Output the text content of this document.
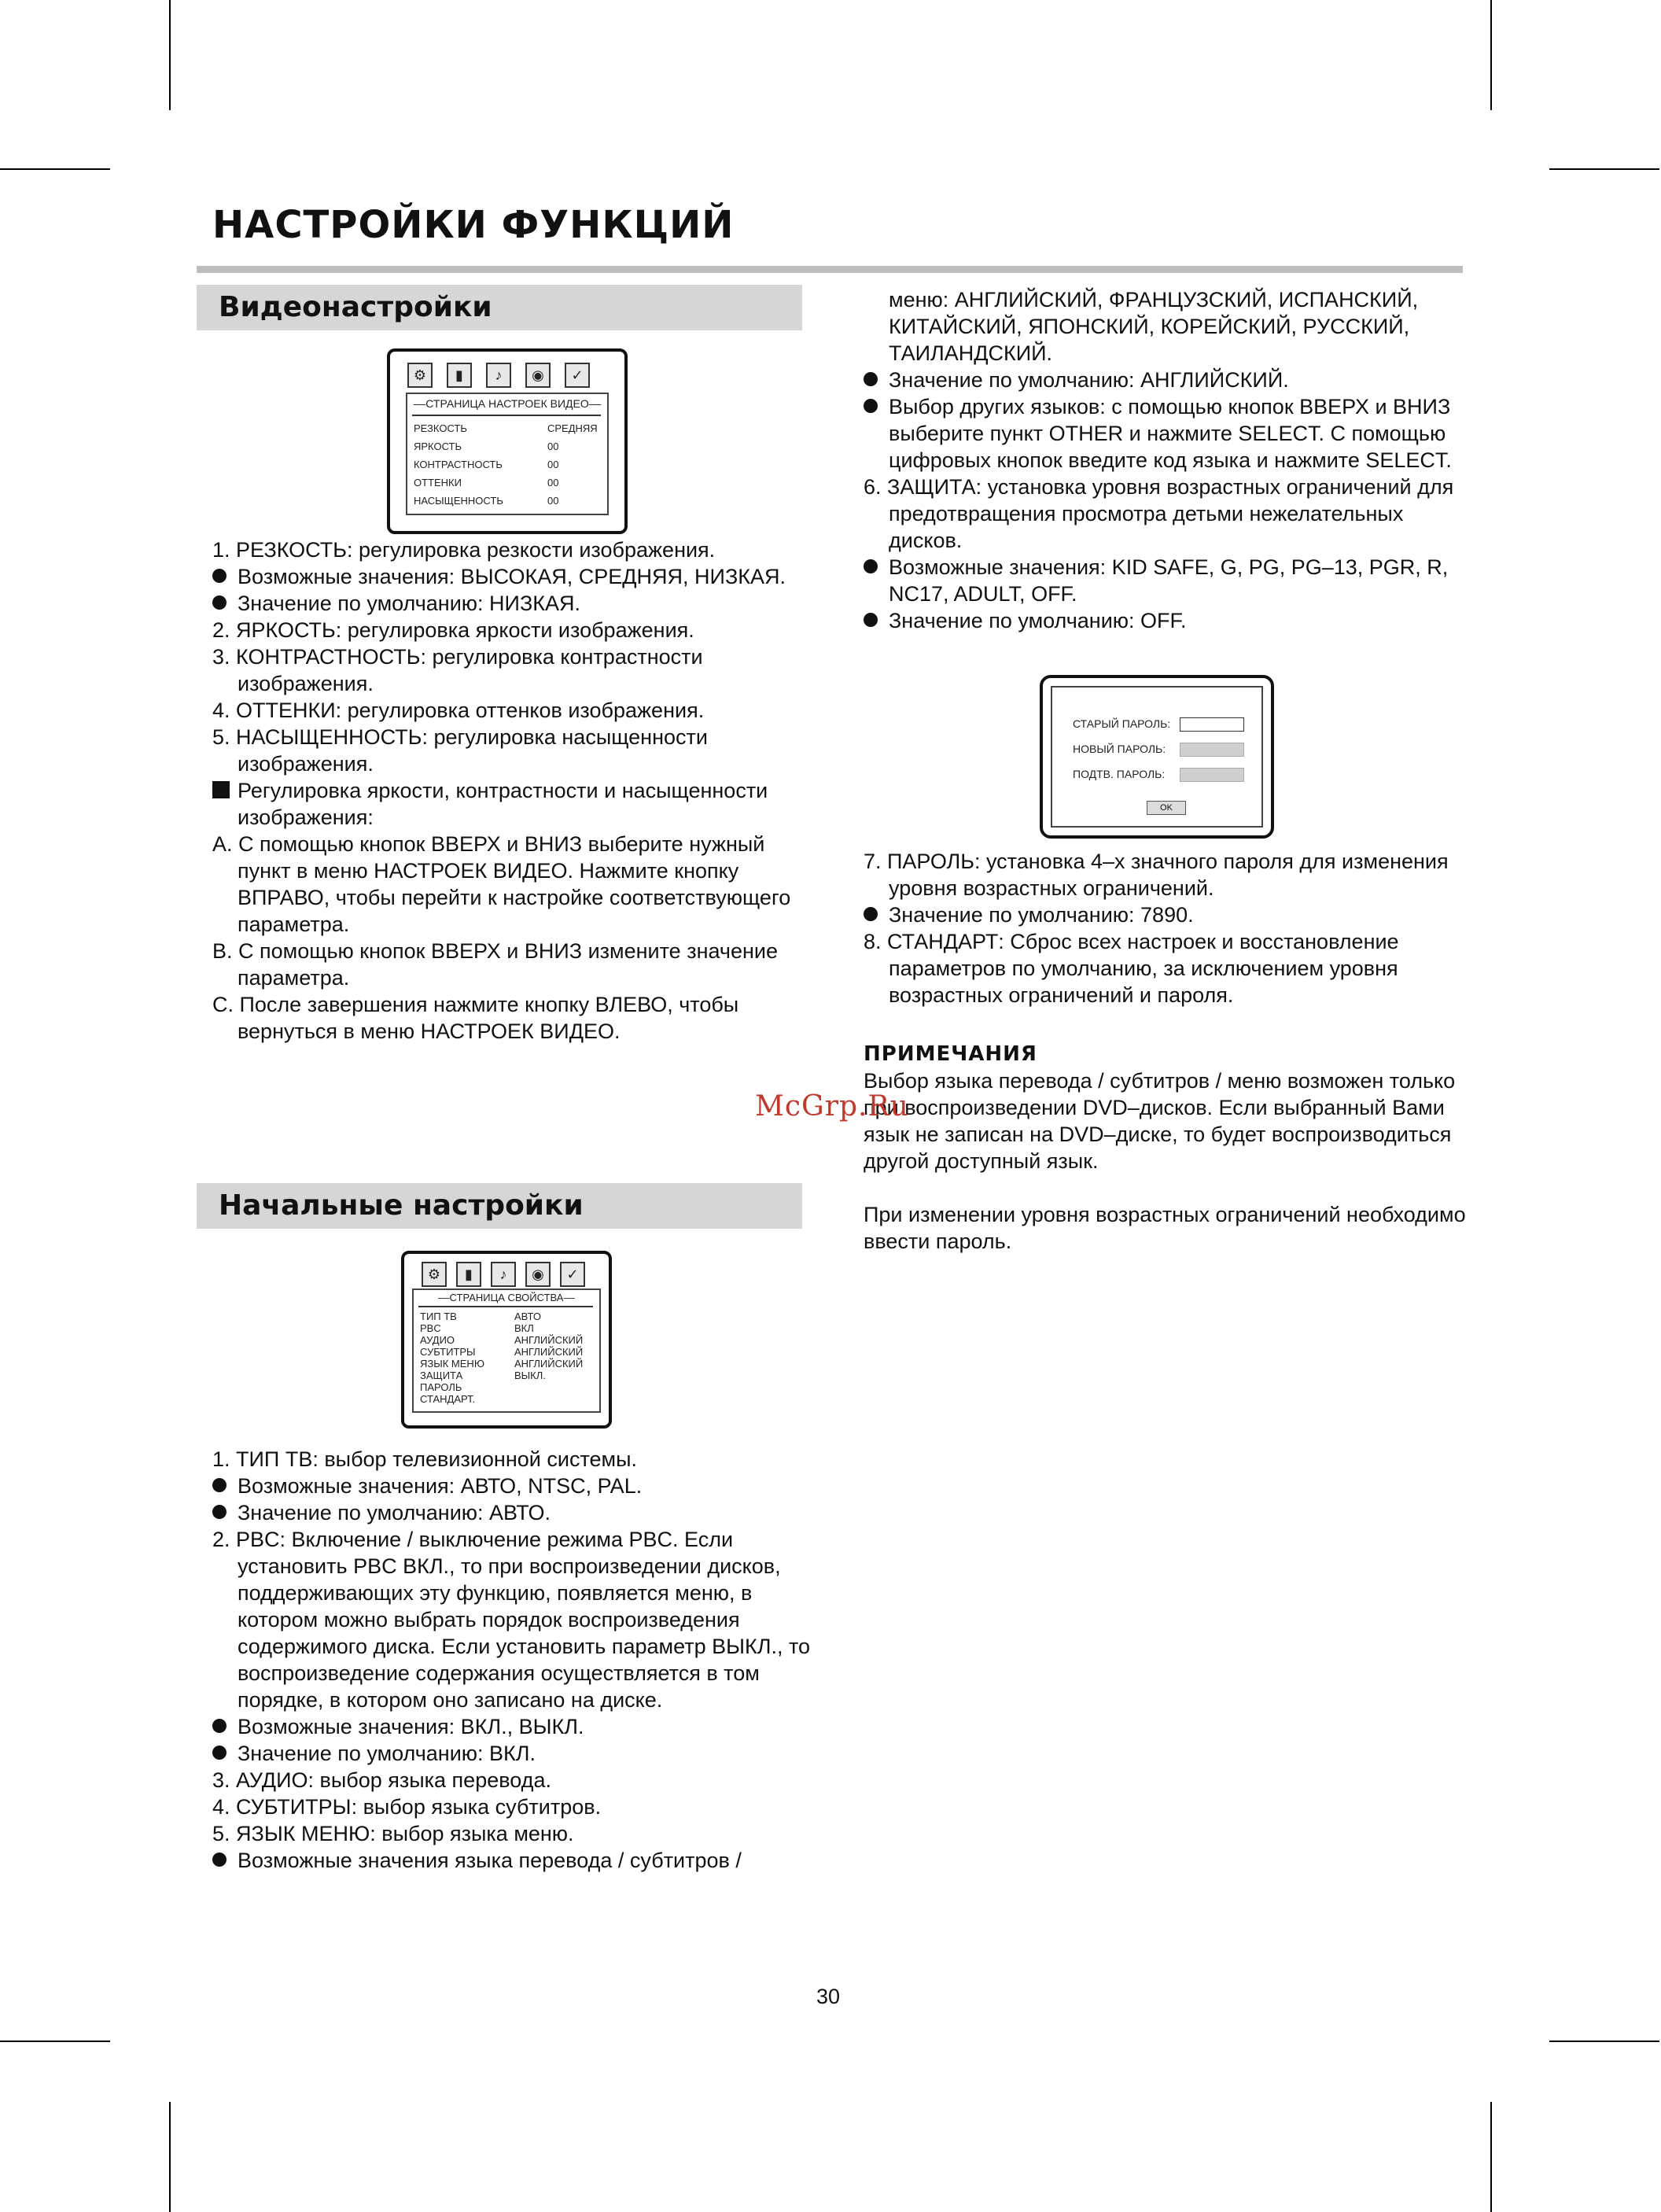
НАСТРОЙКИ ФУНКЦИЙ
Видеонастройки
⚙	▮	♪	◉	✓
––СТРАНИЦА НАСТРОЕК ВИДЕО––
РЕЗКОСТЬ	СРЕДНЯЯ
ЯРКОСТЬ	00
КОНТРАСТНОСТЬ	00
ОТТЕНКИ	00
НАСЫЩЕННОСТЬ	00

1. РЕЗКОСТЬ: регулировка резкости изображения.

Возможные значения: ВЫСОКАЯ, СРЕДНЯЯ, НИЗКАЯ.

Значение по умолчанию: НИЗКАЯ.

2. ЯРКОСТЬ: регулировка яркости изображения.

3. КОНТРАСТНОСТЬ: регулировка контрастности изображения.

4. ОТТЕНКИ: регулировка оттенков изображения.

5. НАСЫЩЕННОСТЬ: регулировка насыщенности изображения.

Регулировка яркости, контрастности и насыщенности изображения:

A. С помощью кнопок ВВЕРХ и ВНИЗ выберите нужный пункт в меню НАСТРОЕК ВИДЕО. Нажмите кнопку ВПРАВО, чтобы перейти к настройке соответствующего параметра.

B. С помощью кнопок ВВЕРХ и ВНИЗ измените значение параметра.

C. После завершения нажмите кнопку ВЛЕВО, чтобы вернуться в меню НАСТРОЕК ВИДЕО.

Начальные настройки
⚙	▮	♪	◉	✓
––СТРАНИЦА СВОЙСТВА––
ТИП ТВ	АВТО
PBC	ВКЛ
АУДИО	АНГЛИЙСКИЙ
СУБТИТРЫ	АНГЛИЙСКИЙ
ЯЗЫК МЕНЮ	АНГЛИЙСКИЙ
ЗАЩИТА	ВЫКЛ.
ПАРОЛЬ
СТАНДАРТ.

1. ТИП ТВ: выбор телевизионной системы.

Возможные значения: АВТО, NTSC, PAL.

Значение по умолчанию: АВТО.

2. PBC: Включение / выключение режима PBC. Если установить PBC ВКЛ., то при воспроизведении дисков, поддерживающих эту функцию, появляется меню, в котором можно выбрать порядок воспроизведения содержимого диска. Если установить параметр ВЫКЛ., то воспроизведение содержания осуществляется в том порядке, в котором оно записано на диске.

Возможные значения: ВКЛ., ВЫКЛ.

Значение по умолчанию: ВКЛ.

3. АУДИО: выбор языка перевода.

4. СУБТИТРЫ: выбор языка субтитров.

5. ЯЗЫК МЕНЮ: выбор языка меню.

Возможные значения языка перевода / субтитров /

меню: АНГЛИЙСКИЙ, ФРАНЦУЗСКИЙ, ИСПАНСКИЙ, КИТАЙСКИЙ, ЯПОНСКИЙ, КОРЕЙСКИЙ, РУССКИЙ, ТАИЛАНДСКИЙ.

Значение по умолчанию: АНГЛИЙСКИЙ.

Выбор других языков: с помощью кнопок ВВЕРХ и ВНИЗ выберите пункт OTHER и нажмите SELECT. С помощью цифровых кнопок введите код языка и нажмите SELECT.

6. ЗАЩИТА: установка уровня возрастных ограничений для предотвращения просмотра детьми нежелательных дисков.

Возможные значения: KID SAFE, G, PG, PG–13, PGR, R, NC17, ADULT, OFF.

Значение по умолчанию: OFF.

СТАРЫЙ ПАРОЛЬ:
НОВЫЙ ПАРОЛЬ:
ПОДТВ. ПАРОЛЬ:
OK

7. ПАРОЛЬ: установка 4–х значного пароля для изменения уровня возрастных ограничений.

Значение по умолчанию: 7890.

8. СТАНДАРТ: Сброс всех настроек и восстановление параметров по умолчанию, за исключением уровня возрастных ограничений и пароля.

ПРИМЕЧАНИЯ

Выбор языка перевода / субтитров / меню возможен только при воспроизведении DVD–дисков. Если выбранный Вами язык не записан на DVD–диске, то будет воспроизводиться другой доступный язык.

При изменении уровня возрастных ограничений необходимо ввести пароль.

McGrp.Ru
30
